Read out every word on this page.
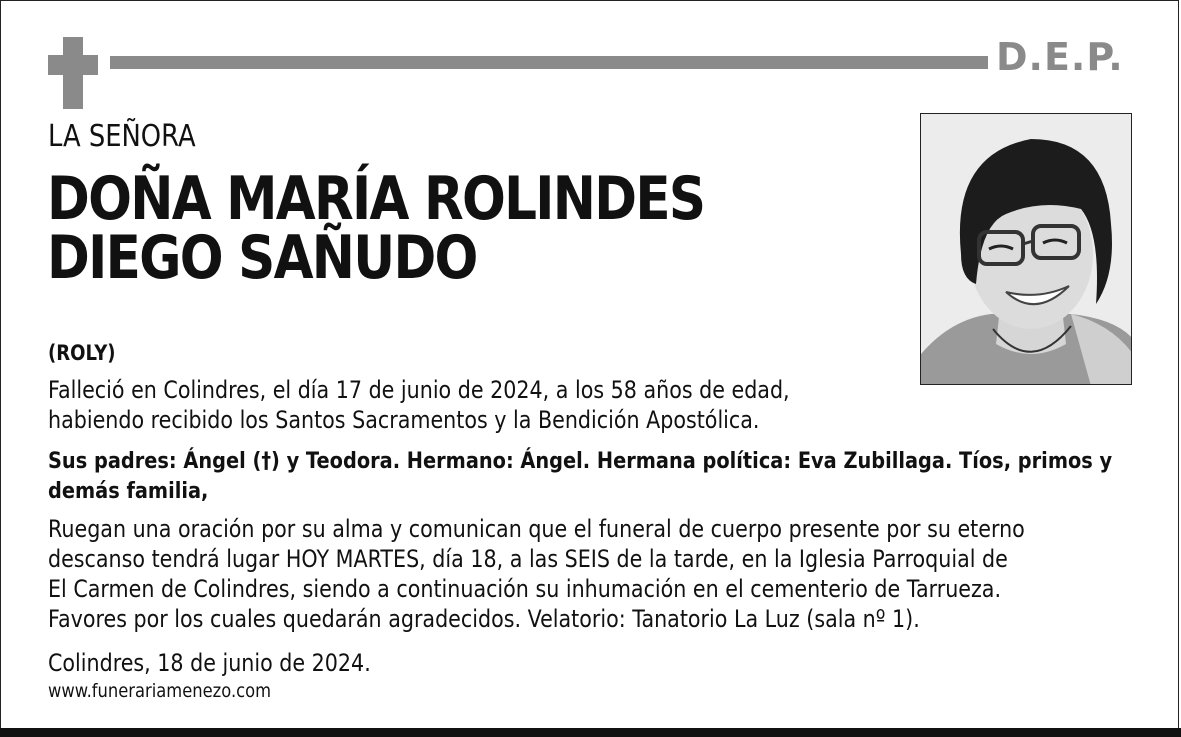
D.E.P.
LA SEÑORA
DOÑA MARÍA ROLINDES
DIEGO SAÑUDO
(ROLY)
Falleció en Colindres, el día 17 de junio de 2024, a los 58 años de edad,
habiendo recibido los Santos Sacramentos y la Bendición Apostólica.
Sus padres: Ángel (†) y Teodora. Hermano: Ángel. Hermana política: Eva Zubillaga. Tíos, primos y
demás familia,
Ruegan una oración por su alma y comunican que el funeral de cuerpo presente por su eterno
descanso tendrá lugar HOY MARTES, día 18, a las SEIS de la tarde, en la Iglesia Parroquial de
El Carmen de Colindres, siendo a continuación su inhumación en el cementerio de Tarrueza.
Favores por los cuales quedarán agradecidos. Velatorio: Tanatorio La Luz (sala nº 1).
Colindres, 18 de junio de 2024.
www.funerariamenezo.com
